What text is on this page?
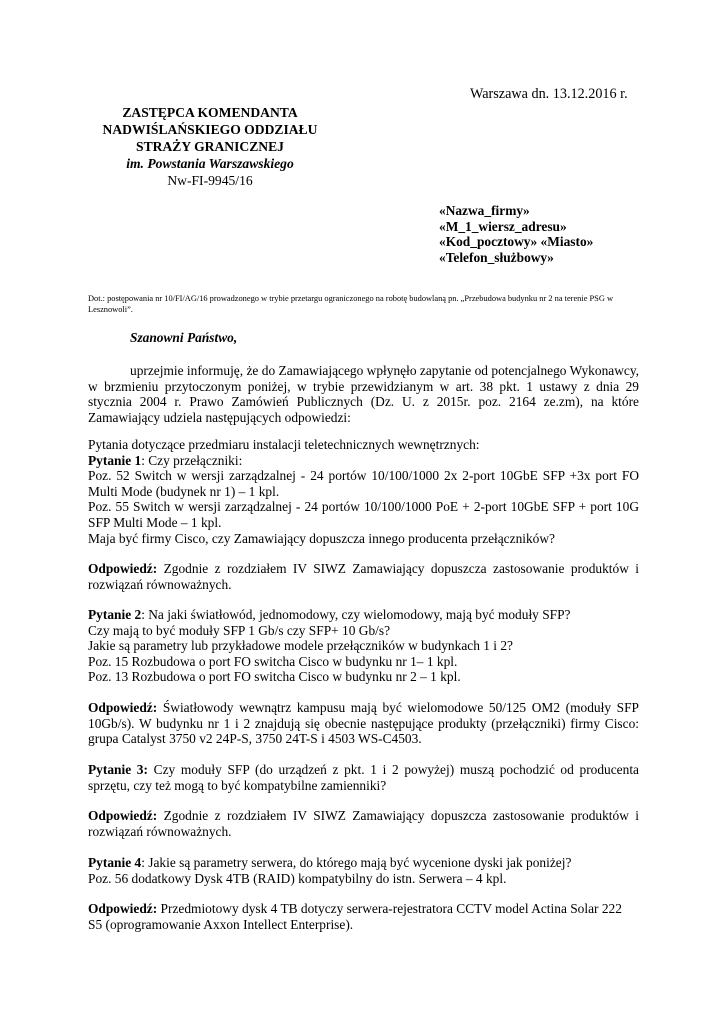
Warszawa dn. 13.12.2016 r.
ZASTĘPCA KOMENDANTA
NADWIŚLAŃSKIEGO ODDZIAŁU
STRAŻY GRANICZNEJ
im. Powstania Warszawskiego
Nw-FI-9945/16
«Nazwa_firmy»
«M_1_wiersz_adresu»
«Kod_pocztowy» «Miasto»
«Telefon_służbowy»
Dot.: postępowania nr 10/FI/AG/16 prowadzonego w trybie przetargu ograniczonego na robotę budowlaną pn. „Przebudowa budynku nr 2 na terenie PSG w Lesznowoli”.
Szanowni Państwo,

uprzejmie informuję, że do Zamawiającego wpłynęło zapytanie od potencjalnego Wykonawcy, w brzmieniu przytoczonym poniżej, w trybie przewidzianym w art. 38 pkt. 1 ustawy z dnia 29 stycznia 2004 r. Prawo Zamówień Publicznych (Dz. U. z 2015r. poz. 2164 ze.zm), na które Zamawiający udziela następujących odpowiedzi:

Pytania dotyczące przedmiaru instalacji teletechnicznych wewnętrznych:

Pytanie 1: Czy przełączniki:

Poz. 52 Switch w wersji zarządzalnej - 24 portów 10/100/1000 2x 2-port 10GbE SFP +3x port FO Multi Mode (budynek nr 1) – 1 kpl.

Poz. 55 Switch w wersji zarządzalnej - 24 portów 10/100/1000 PoE + 2-port 10GbE SFP + port 10G SFP Multi Mode – 1 kpl.

Maja być firmy Cisco, czy Zamawiający dopuszcza innego producenta przełączników?

Odpowiedź: Zgodnie z rozdziałem IV SIWZ Zamawiający dopuszcza zastosowanie produktów i rozwiązań równoważnych.

Pytanie 2: Na jaki światłowód, jednomodowy, czy wielomodowy, mają być moduły SFP?

Czy mają to być moduły SFP 1 Gb/s czy SFP+ 10 Gb/s?

Jakie są parametry lub przykładowe modele przełączników w budynkach 1 i 2?

Poz. 15 Rozbudowa o port FO switcha Cisco w budynku nr 1– 1 kpl.

Poz. 13 Rozbudowa o port FO switcha Cisco w budynku nr 2 – 1 kpl.

Odpowiedź: Światłowody wewnątrz kampusu mają być wielomodowe 50/125 OM2 (moduły SFP 10Gb/s). W budynku nr 1 i 2 znajdują się obecnie następujące produkty (przełączniki) firmy Cisco: grupa Catalyst 3750 v2 24P-S, 3750 24T-S i 4503 WS-C4503.

Pytanie 3: Czy moduły SFP (do urządzeń z pkt. 1 i 2 powyżej) muszą pochodzić od producenta sprzętu, czy też mogą to być kompatybilne zamienniki?

Odpowiedź: Zgodnie z rozdziałem IV SIWZ Zamawiający dopuszcza zastosowanie produktów i rozwiązań równoważnych.

Pytanie 4: Jakie są parametry serwera, do którego mają być wycenione dyski jak poniżej?

Poz. 56 dodatkowy Dysk 4TB (RAID) kompatybilny do istn. Serwera – 4 kpl.

Odpowiedź: Przedmiotowy dysk 4 TB dotyczy serwera-rejestratora CCTV model Actina Solar 222

S5 (oprogramowanie Axxon Intellect Enterprise).
